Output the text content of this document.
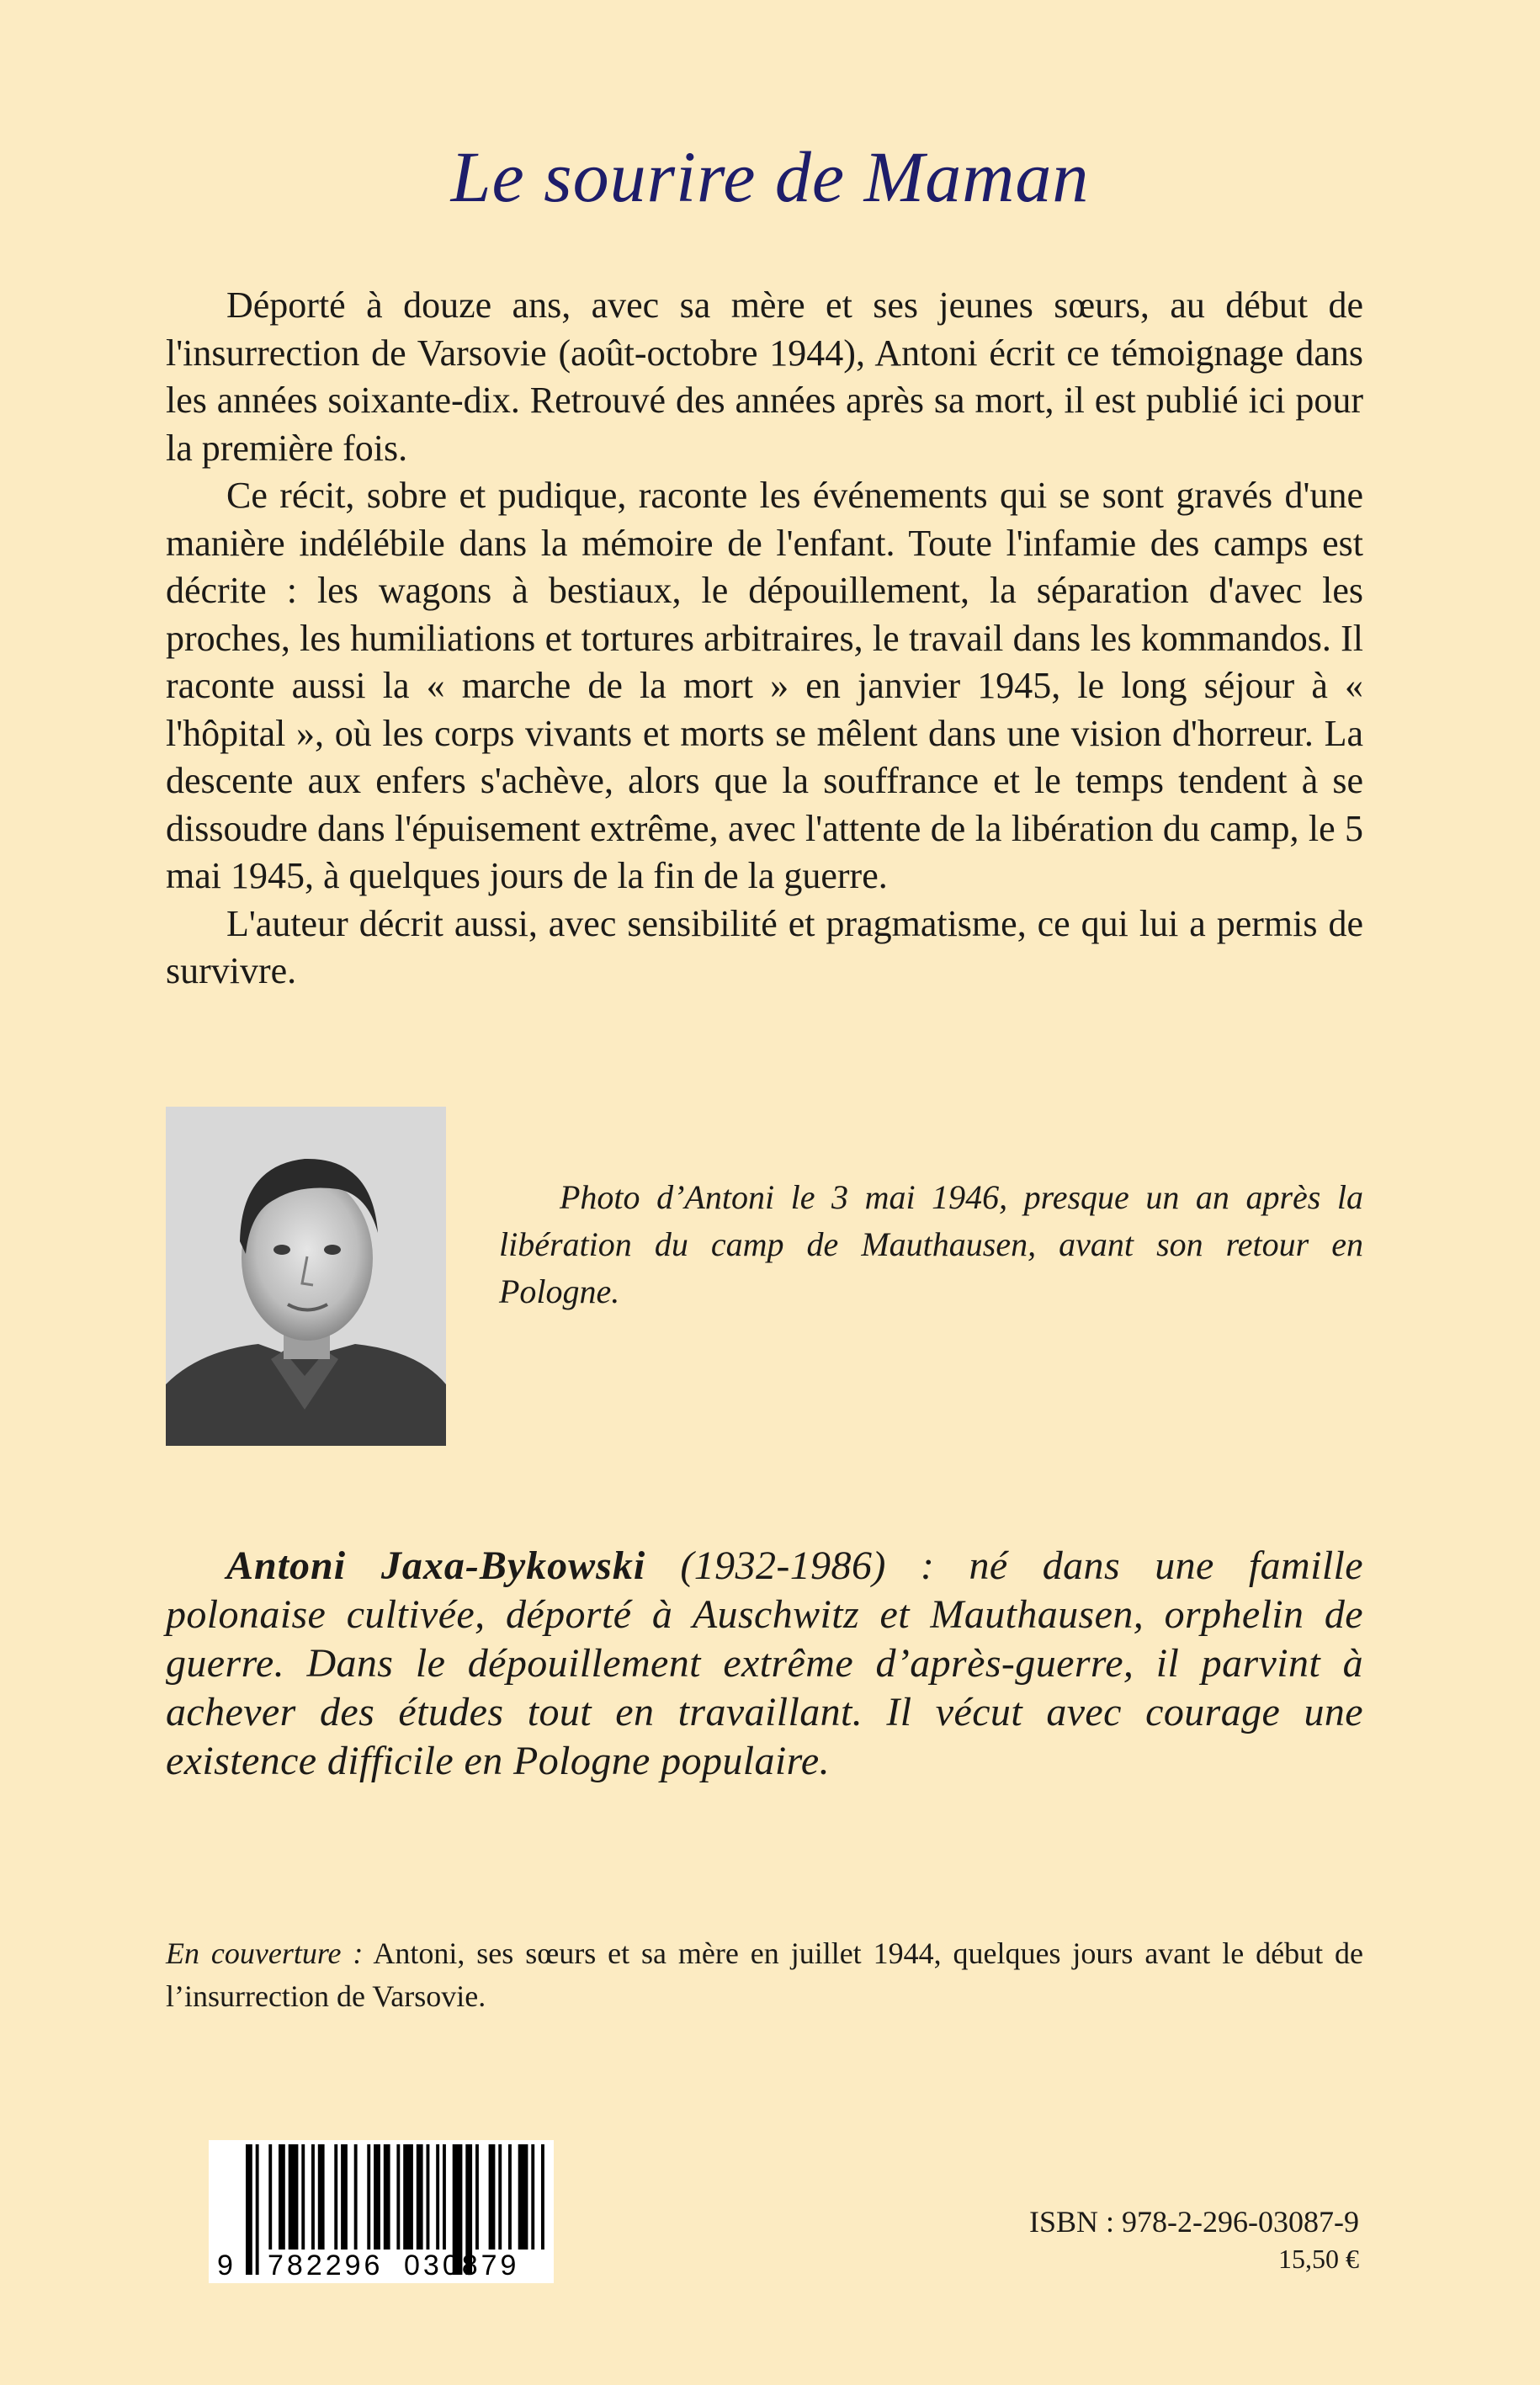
Le sourire de Maman

Déporté à douze ans, avec sa mère et ses jeunes sœurs, au début de l'insurrection de Varsovie (août-octobre 1944), Antoni écrit ce témoignage dans les années soixante-dix. Retrouvé des années après sa mort, il est publié ici pour la première fois.

Ce récit, sobre et pudique, raconte les événements qui se sont gravés d'une manière indélébile dans la mémoire de l'enfant. Toute l'infamie des camps est décrite : les wagons à bestiaux, le dépouillement, la séparation d'avec les proches, les humiliations et tortures arbitraires, le travail dans les kommandos. Il raconte aussi la « marche de la mort » en janvier 1945, le long séjour à « l'hôpital », où les corps vivants et morts se mêlent dans une vision d'horreur. La descente aux enfers s'achève, alors que la souffrance et le temps tendent à se dissoudre dans l'épuisement extrême, avec l'attente de la libération du camp, le 5 mai 1945, à quelques jours de la fin de la guerre.

L'auteur décrit aussi, avec sensibilité et pragmatisme, ce qui lui a permis de survivre.

Photo d’Antoni le 3 mai 1946, presque un an après la libération du camp de Mauthausen, avant son retour en Pologne.

Antoni Jaxa-Bykowski (1932-1986) : né dans une famille polonaise cultivée, déporté à Auschwitz et Mauthausen, orphelin de guerre. Dans le dépouillement extrême d’après-guerre, il parvint à achever des études tout en travaillant. Il vécut avec courage une existence difficile en Pologne populaire.

En couverture : Antoni, ses sœurs et sa mère en juillet 1944, quelques jours avant le début de l’insurrection de Varsovie.

9 782296 030879
ISBN : 978-2-296-03087-9
15,50 €
